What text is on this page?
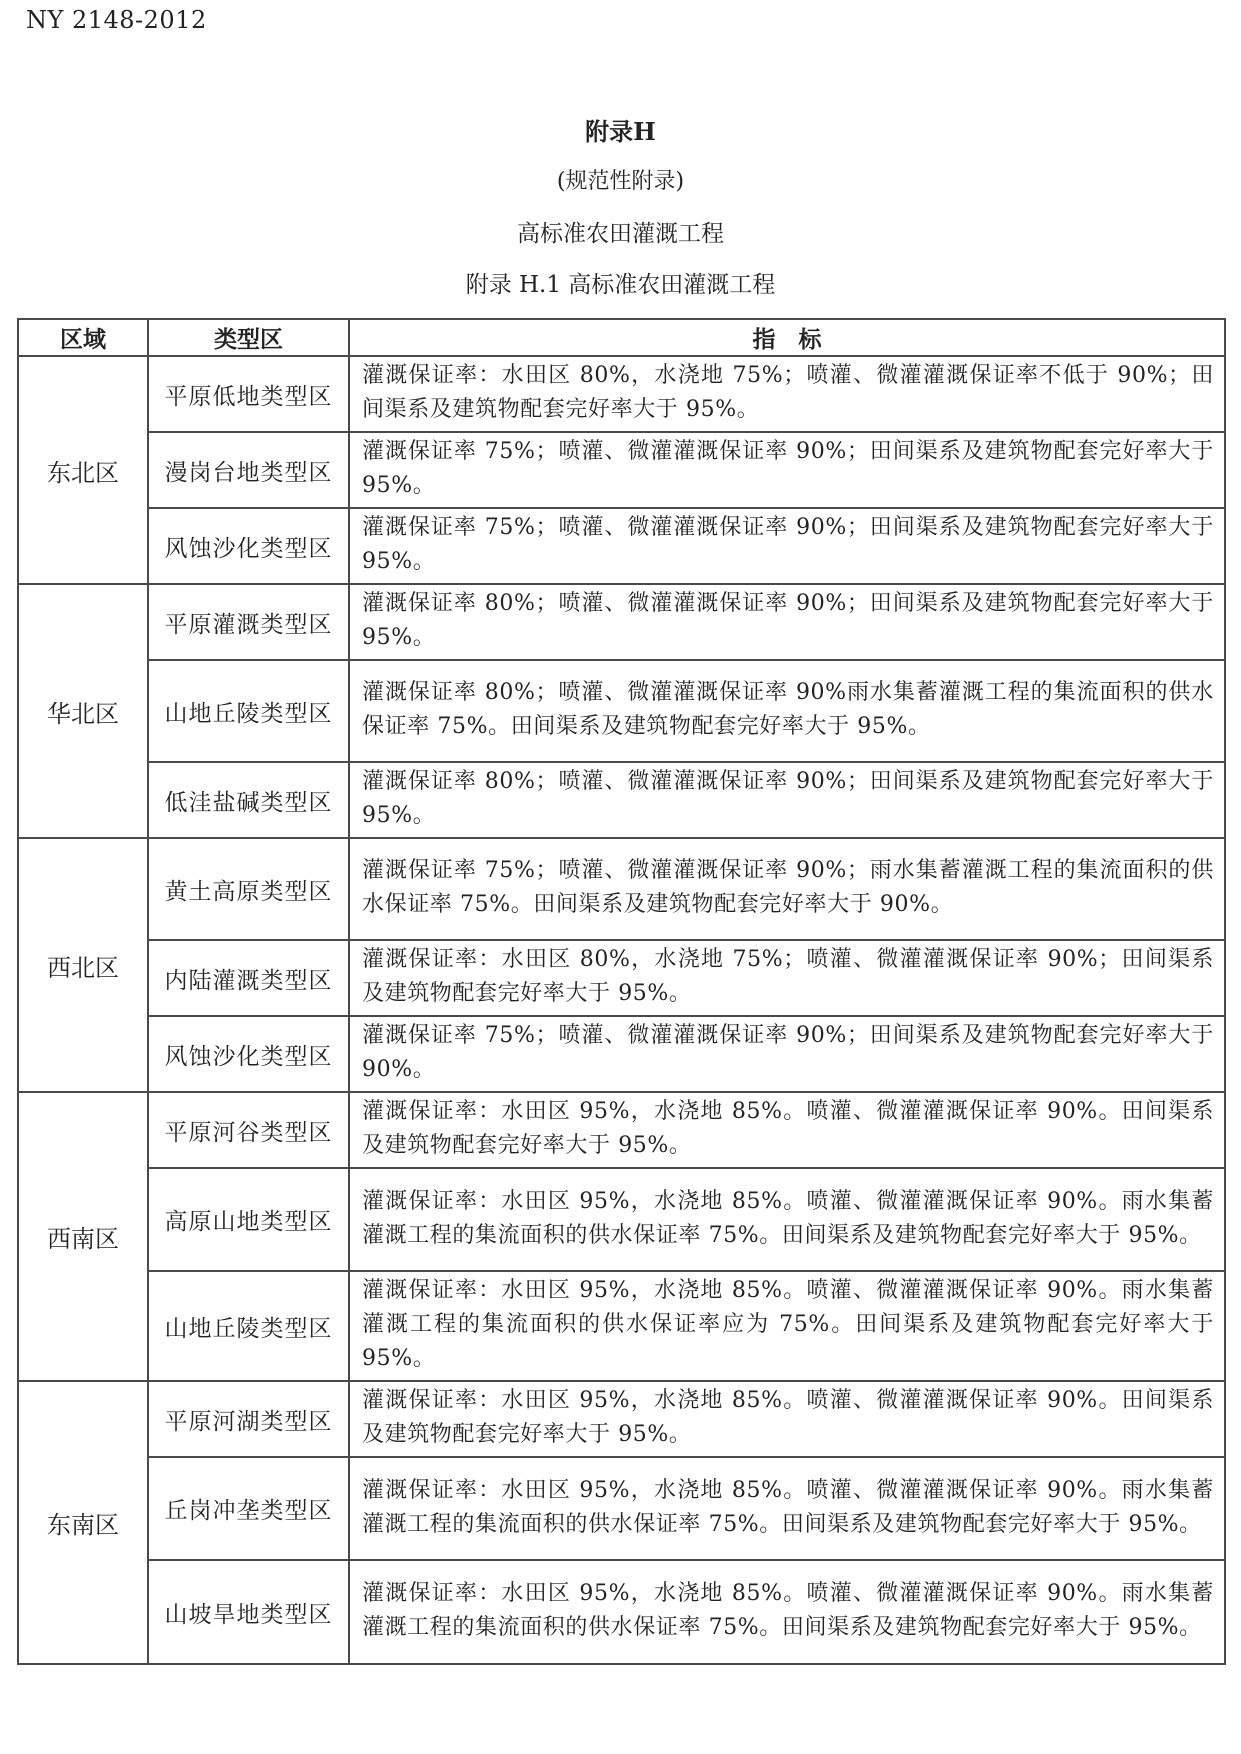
NY 2148-2012
附录H
(规范性附录)
高标准农田灌溉工程
附录 H.1 高标准农田灌溉工程
区域	类型区	指　标
东北区	平原低地类型区	灌溉保证率：水田区 80%，水浇地 75%；喷灌、微灌灌溉保证率不低于 90%；田间渠系及建筑物配套完好率大于 95%。
	漫岗台地类型区	灌溉保证率 75%；喷灌、微灌灌溉保证率 90%；田间渠系及建筑物配套完好率大于 95%。
	风蚀沙化类型区	灌溉保证率 75%；喷灌、微灌灌溉保证率 90%；田间渠系及建筑物配套完好率大于 95%。
华北区	平原灌溉类型区	灌溉保证率 80%；喷灌、微灌灌溉保证率 90%；田间渠系及建筑物配套完好率大于 95%。
	山地丘陵类型区	灌溉保证率 80%；喷灌、微灌灌溉保证率 90%雨水集蓄灌溉工程的集流面积的供水保证率 75%。田间渠系及建筑物配套完好率大于 95%。
	低洼盐碱类型区	灌溉保证率 80%；喷灌、微灌灌溉保证率 90%；田间渠系及建筑物配套完好率大于 95%。
西北区	黄土高原类型区	灌溉保证率 75%；喷灌、微灌灌溉保证率 90%；雨水集蓄灌溉工程的集流面积的供水保证率 75%。田间渠系及建筑物配套完好率大于 90%。
	内陆灌溉类型区	灌溉保证率：水田区 80%，水浇地 75%；喷灌、微灌灌溉保证率 90%；田间渠系及建筑物配套完好率大于 95%。
	风蚀沙化类型区	灌溉保证率 75%；喷灌、微灌灌溉保证率 90%；田间渠系及建筑物配套完好率大于 90%。
西南区	平原河谷类型区	灌溉保证率：水田区 95%，水浇地 85%。喷灌、微灌灌溉保证率 90%。田间渠系及建筑物配套完好率大于 95%。
	高原山地类型区	灌溉保证率：水田区 95%，水浇地 85%。喷灌、微灌灌溉保证率 90%。雨水集蓄灌溉工程的集流面积的供水保证率 75%。田间渠系及建筑物配套完好率大于 95%。
	山地丘陵类型区	灌溉保证率：水田区 95%，水浇地 85%。喷灌、微灌灌溉保证率 90%。雨水集蓄灌溉工程的集流面积的供水保证率应为 75%。田间渠系及建筑物配套完好率大于 95%。
东南区	平原河湖类型区	灌溉保证率：水田区 95%，水浇地 85%。喷灌、微灌灌溉保证率 90%。田间渠系及建筑物配套完好率大于 95%。
	丘岗冲垄类型区	灌溉保证率：水田区 95%，水浇地 85%。喷灌、微灌灌溉保证率 90%。雨水集蓄灌溉工程的集流面积的供水保证率 75%。田间渠系及建筑物配套完好率大于 95%。
	山坡旱地类型区	灌溉保证率：水田区 95%，水浇地 85%。喷灌、微灌灌溉保证率 90%。雨水集蓄灌溉工程的集流面积的供水保证率 75%。田间渠系及建筑物配套完好率大于 95%。
